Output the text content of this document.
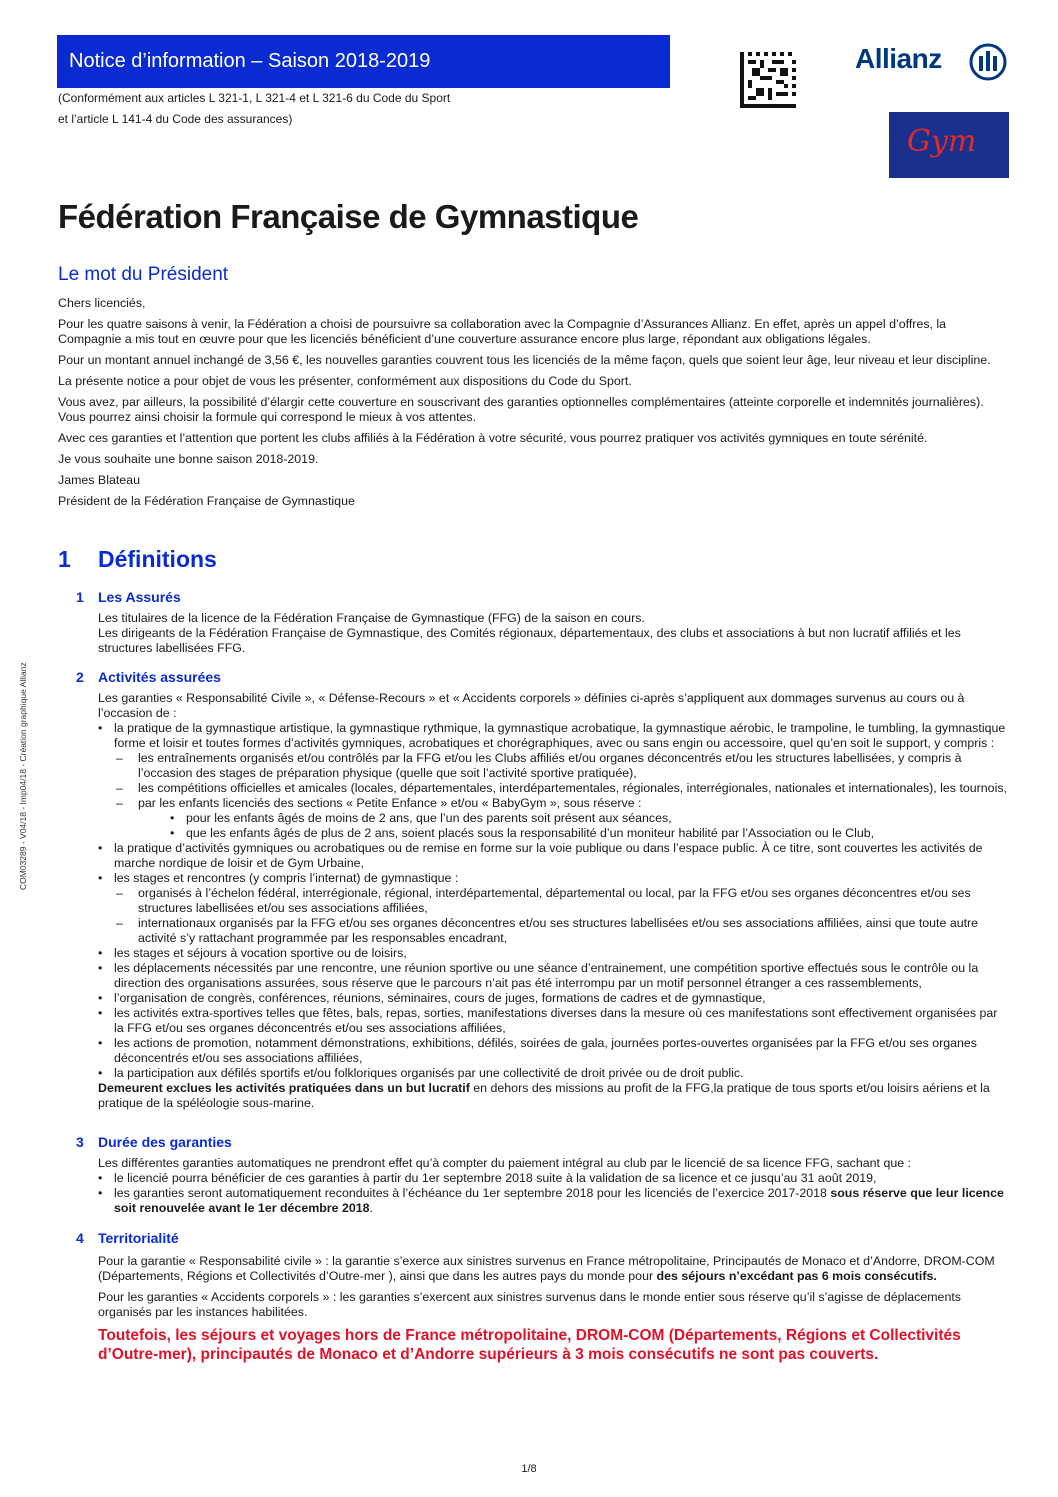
Notice d’information – Saison 2018-2019
(Conformément aux articles L 321-1, L 321-4 et L 321-6 du Code du Sport
et l’article L 141-4 du Code des assurances)
Allianz
Gym
Fédération Française de Gymnastique
Le mot du Président

Chers licenciés,

Pour les quatre saisons à venir, la Fédération a choisi de poursuivre sa collaboration avec la Compagnie d’Assurances Allianz. En effet, après un appel d’offres, la Compagnie a mis tout en œuvre pour que les licenciés bénéficient d’une couverture assurance encore plus large, répondant aux obligations légales.

Pour un montant annuel inchangé de 3,56 €, les nouvelles garanties couvrent tous les licenciés de la même façon, quels que soient leur âge, leur niveau et leur discipline.

La présente notice a pour objet de vous les présenter, conformément aux dispositions du Code du Sport.

Vous avez, par ailleurs, la possibilité d’élargir cette couverture en souscrivant des garanties optionnelles complémentaires (atteinte corporelle et indemnités journalières). Vous pourrez ainsi choisir la formule qui correspond le mieux à vos attentes.

Avec ces garanties et l’attention que portent les clubs affiliés à la Fédération à votre sécurité, vous pourrez pratiquer vos activités gymniques en toute sérénité.

Je vous souhaite une bonne saison 2018-2019.

James Blateau

Président de la Fédération Française de Gymnastique

1 Définitions
1 Les Assurés

Les titulaires de la licence de la Fédération Française de Gymnastique (FFG) de la saison en cours.

Les dirigeants de la Fédération Française de Gymnastique, des Comités régionaux, départementaux, des clubs et associations à but non lucratif affiliés et les structures labellisées FFG.

2 Activités assurées

Les garanties « Responsabilité Civile », « Défense-Recours » et « Accidents corporels » définies ci-après s’appliquent aux dommages survenus au cours ou à l’occasion de :

• la pratique de la gymnastique artistique, la gymnastique rythmique, la gymnastique acrobatique, la gymnastique aérobic, le trampoline, le tumbling, la gymnastique forme et loisir et toutes formes d’activités gymniques, acrobatiques et chorégraphiques, avec ou sans engin ou accessoire, quel qu’en soit le support, y compris :
– les entraînements organisés et/ou contrôlés par la FFG et/ou les Clubs affiliés et/ou organes déconcentrés et/ou les structures labellisées, y compris à l’occasion des stages de préparation physique (quelle que soit l’activité sportive pratiquée),
– les compétitions officielles et amicales (locales, départementales, interdépartementales, régionales, interrégionales, nationales et internationales), les tournois,
– par les enfants licenciés des sections « Petite Enfance » et/ou « BabyGym », sous réserve :
• pour les enfants âgés de moins de 2 ans, que l’un des parents soit présent aux séances,
• que les enfants âgés de plus de 2 ans, soient placés sous la responsabilité d’un moniteur habilité par l’Association ou le Club,
• la pratique d’activités gymniques ou acrobatiques ou de remise en forme sur la voie publique ou dans l’espace public. À ce titre, sont couvertes les activités de marche nordique de loisir et de Gym Urbaine,
• les stages et rencontres (y compris l’internat) de gymnastique :
– organisés à l’échelon fédéral, interrégionale, régional, interdépartemental, départemental ou local, par la FFG et/ou ses organes déconcentres et/ou ses structures labellisées et/ou ses associations affiliées,
– internationaux organisés par la FFG et/ou ses organes déconcentres et/ou ses structures labellisées et/ou ses associations affiliées, ainsi que toute autre activité s’y rattachant programmée par les responsables encadrant,
• les stages et séjours à vocation sportive ou de loisirs,
• les déplacements nécessités par une rencontre, une réunion sportive ou une séance d’entrainement, une compétition sportive effectués sous le contrôle ou la direction des organisations assurées, sous réserve que le parcours n’ait pas été interrompu par un motif personnel étranger a ces rassemblements,
• l’organisation de congrès, conférences, réunions, séminaires, cours de juges, formations de cadres et de gymnastique,
• les activités extra-sportives telles que fêtes, bals, repas, sorties, manifestations diverses dans la mesure où ces manifestations sont effectivement organisées par la FFG et/ou ses organes déconcentrés et/ou ses associations affiliées,
• les actions de promotion, notamment démonstrations, exhibitions, défilés, soirées de gala, journées portes-ouvertes organisées par la FFG et/ou ses organes déconcentrés et/ou ses associations affiliées,
• la participation aux défilés sportifs et/ou folkloriques organisés par une collectivité de droit privée ou de droit public.

Demeurent exclues les activités pratiquées dans un but lucratif en dehors des missions au profit de la FFG,la pratique de tous sports et/ou loisirs aériens et la pratique de la spéléologie sous-marine.

3 Durée des garanties

Les différentes garanties automatiques ne prendront effet qu’à compter du paiement intégral au club par le licencié de sa licence FFG, sachant que :

• le licencié pourra bénéficier de ces garanties à partir du 1er septembre 2018 suite à la validation de sa licence et ce jusqu’au 31 août 2019,
• les garanties seront automatiquement reconduites à l’échéance du 1er septembre 2018 pour les licenciés de l’exercice 2017-2018 sous réserve que leur licence soit renouvelée avant le 1er décembre 2018.
4 Territorialité

Pour la garantie « Responsabilité civile » : la garantie s’exerce aux sinistres survenus en France métropolitaine, Principautés de Monaco et d’Andorre, DROM-COM (Départements, Régions et Collectivités d’Outre-mer ), ainsi que dans les autres pays du monde pour des séjours n’excédant pas 6 mois consécutifs.

Pour les garanties « Accidents corporels » : les garanties s’exercent aux sinistres survenus dans le monde entier sous réserve qu’il s’agisse de déplacements organisés par les instances habilitées.

Toutefois, les séjours et voyages hors de France métropolitaine, DROM-COM (Départements, Régions et Collectivités d’Outre-mer), principautés de Monaco et d’Andorre supérieurs à 3 mois consécutifs ne sont pas couverts.
COM03289 - V04/18 - Imp04/18 - Création graphique Allianz
1/8
